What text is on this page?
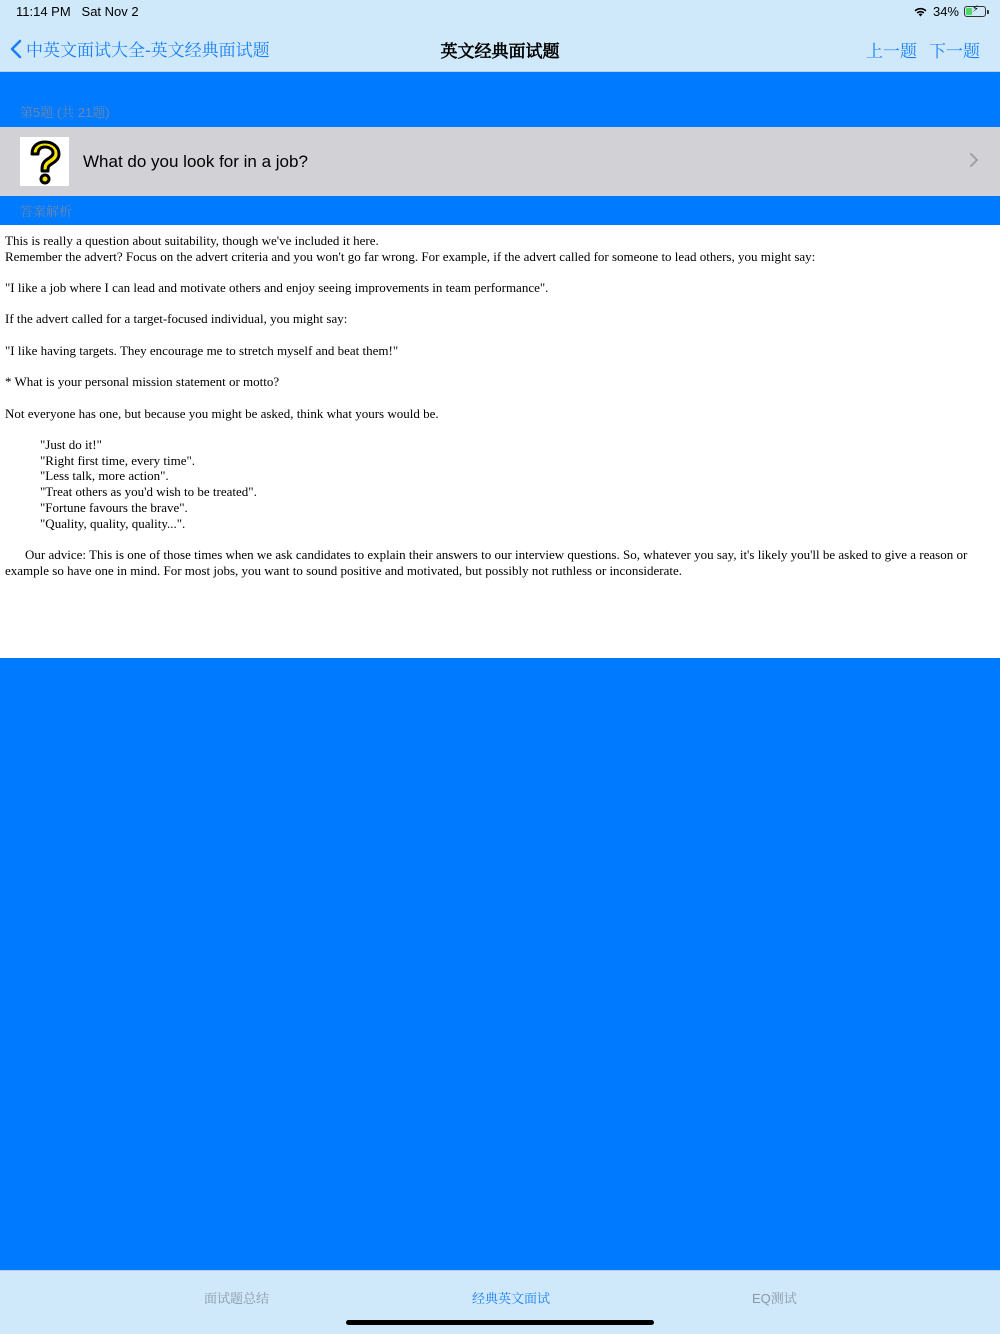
11:14 PM Sat Nov 2	34% ⚡
中英文面试大全-英文经典面试题	英文经典面试题	上一题 下一题
第5题 (共 21题)
What do you look for in a job?
答案解析

This is really a question about suitability, though we've included it here.

Remember the advert? Focus on the advert criteria and you won't go far wrong. For example, if the advert called for someone to lead others, you might say:

"I like a job where I can lead and motivate others and enjoy seeing improvements in team performance".

If the advert called for a target-focused individual, you might say:

"I like having targets. They encourage me to stretch myself and beat them!"

* What is your personal mission statement or motto?

Not everyone has one, but because you might be asked, think what yours would be.

"Just do it!"

"Right first time, every time".

"Less talk, more action".

"Treat others as you'd wish to be treated".

"Fortune favours the brave".

"Quality, quality, quality...".

Our advice: This is one of those times when we ask candidates to explain their answers to our interview questions. So, whatever you say, it's likely you'll be asked to give a reason or example so have one in mind. For most jobs, you want to sound positive and motivated, but possibly not ruthless or inconsiderate.

面试题总结	经典英文面试	EQ测试
